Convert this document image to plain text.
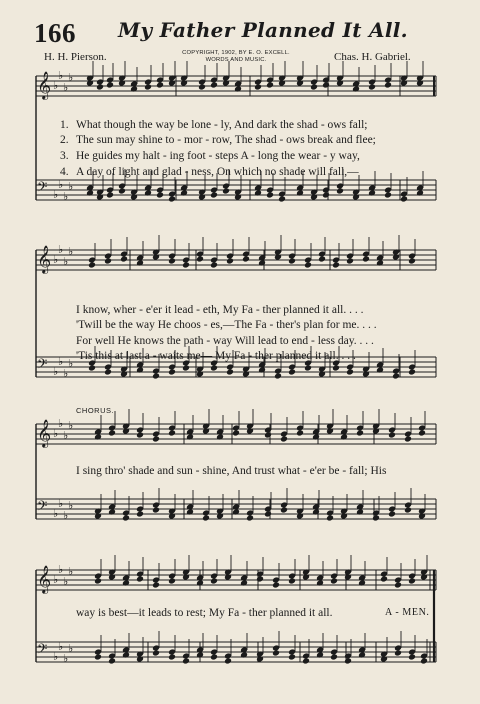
𝄞 ♭
♭
♭
♭
𝄢 ♭
♭
♭
♭
𝄞 ♭
♭
♭
♭
𝄢 ♭
♭
♭
♭
𝄞 ♭
♭
♭
♭
𝄢 ♭
♭
♭
♭
𝄞 ♭
♭
♭
♭
𝄢 ♭
♭
♭
♭
166 My Father Planned It All.
H. H. Pierson.	COPYRIGHT, 1902, BY E. O. EXCELL.
WORDS AND MUSIC.	Chas. H. Gabriel.
1.
2.
3.
4.
What though the way be lone - ly, And dark the shad - ows fall;
The sun may shine to - mor - row, The shad - ows break and flee;
He guides my halt - ing foot - steps A - long the wear - y way,
A day of light and glad - ness, On which no shade will fall,—
I know, wher - e'er it lead - eth, My Fa - ther planned it all. . . .
'Twill be the way He choos - es,—The Fa - ther's plan for me. . . .
For well He knows the path - way Will lead to end - less day. . . .
'Tis this at last a - waits me— My Fa - ther planned it all. . . .
CHORUS.
I sing thro' shade and sun - shine, And trust what - e'er be - fall; His
way is best—it leads to rest; My Fa - ther planned it all.	A - MEN.
